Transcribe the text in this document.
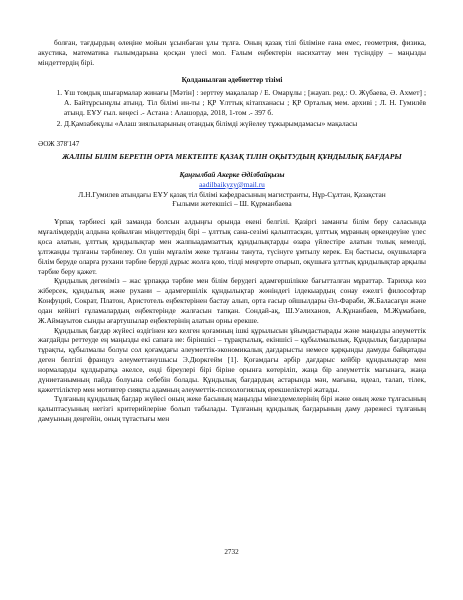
болған, тағдырдың өлеңіне мойын ұсынбаған ұлы тұлға. Оның қазақ тілі біліміне ғана емес, геометрия, физика, акустика, математика ғылымдарына қосқан үлесі мол. Ғалым еңбектерін насихаттау мен түсіндіру – маңызды міндеттердің бірі.

Қолданылған әдебиеттер тізімі
1. Ұш томдық шығармалар жинағы [Мәтін] : зерттеу мақалалар / Е. Омарұлы ; [жауап. ред.: О. Жүбаева, Ә. Ахмет] ; А. Байтұрсынұлы атынд. Тіл білімі ин-ты ; ҚР Ұлттық кітапханасы ; ҚР Орталық мем. архиві ; Л. Н. Гумилёв атынд. ЕҰУ ғыл. кеңесі .- Астана : Алашорда, 2018, 1-том .- 397 б.
2. Д.Қамзабекұлы «Алаш зиялыларының отандық білімді жүйелеу тұжырымдамасы» мақаласы
ӘОЖ 378'147
ЖАЛПЫ БІЛІМ БЕРЕТІН ОРТА МЕКТЕПТЕ ҚАЗАҚ ТІЛІН ОҚЫТУДЫҢ ҚҰНДЫЛЫҚ БАҒДАРЫ
Қаңғылбай Акерке Әділбайқызы
aadilbaikyzy@mail.ru
Л.Н.Гумилев атындағы ЕҰУ қазақ тіл білімі кафедрасының магистранты, Нұр-Сұлтан, Қазақстан
Ғылыми жетекшісі – Ш. Құрманбаева

Ұрпақ тәрбиесі қай заманда болсын алдыңғы орында екені белгілі. Қазіргі заманғы білім беру саласында мұғалімдердің алдына қойылған міндеттердің бірі – ұлттық сана-сезімі қалыптасқан, ұлттық мұраның өркендеуіне үлес қоса алатын, ұлттық құндылықтар мен жалпыадамзаттық құндылықтарды өзара үйлестіре алатын толық кемелді, ұлтжанды тұлғаны тәрбиелеу. Ол үшін мұғалім жеке тұлғаны танута, түсінуге ұмтылу керек. Ең бастысы, оқушыларға білім беруде оларға рухани тәрбие беруді дұрыс жолға қою, тілді меңгерте отырып, оқушыға ұлттық құндылықтар арқылы тәрбие беру қажет.

Құндылық дегеніміз – жас ұрпаққа тәрбие мен білім берудегі адамгершілікке бағытталған мұраттар. Тарихқа көз жіберсек, құндылық және рухани – адамгершілік құндылықтар жөніндегі ілдекыардың сонау ежелгі философтар Конфуций, Сократ, Платон, Аристотель еңбектерінен бастау алып, орта ғасыр ойшылдары Әл-Фараби, Ж.Баласағұн және одан кейінгі ғұламалардың еңбектерінде жалғасын тапқан. Сондай-ақ, Ш.Уәлиханов, А.Құнанбаев, М.Жұмабаев, Ж.Аймауытов сынды ағартушылар еңбектерінің алатын орны ерекше.

Құндылық бағдар жүйесі өздігінен кез келген қоғамның ішкі құрылысын ұйымдастырады және маңызды әлеуметтік жағдайды реттеуде ең маңызды екі сапаға ие: біріншісі – тұрақтылық, екіншісі – құбылмалылық. Құндылық бағдарлары тұрақты, құбылмалы болуы сол қоғамдағы әлеуметтік-экономикалық дағдарысты немесе қарқынды дамуды байқатады деген белгілі француз әлеуметтанушысы Э.Дюркгейм [1]. Қоғамдағы әрбір дағдарыс кейбір құндылықтар мен нормаларды құлдыратқа әкелсе, енді біреулері бірі біріне орынға көтеріліп, жаңа бір әлеуметтік мағынаға, жаңа дүниетанымның пайда болуына себебін болады. Құндылық бағдардың астарында мән, мағына, идеал, талап, тілек, қажеттіліктер мен мотивтер сияқты адамның әлеуметтік-психологиялық ерекшеліктері жатады.

Тұлғаның құндылық бағдар жүйесі оның жеке басының маңызды мінездемелерінің бірі және оның жеке тұлғасының қалыптасуының негізгі критерийлеріне болып табылады. Тұлғаның құндылық бағдарының даму дәрежесі тұлғаның дамуының деңгейін, оның тұтастығы мен

2732
